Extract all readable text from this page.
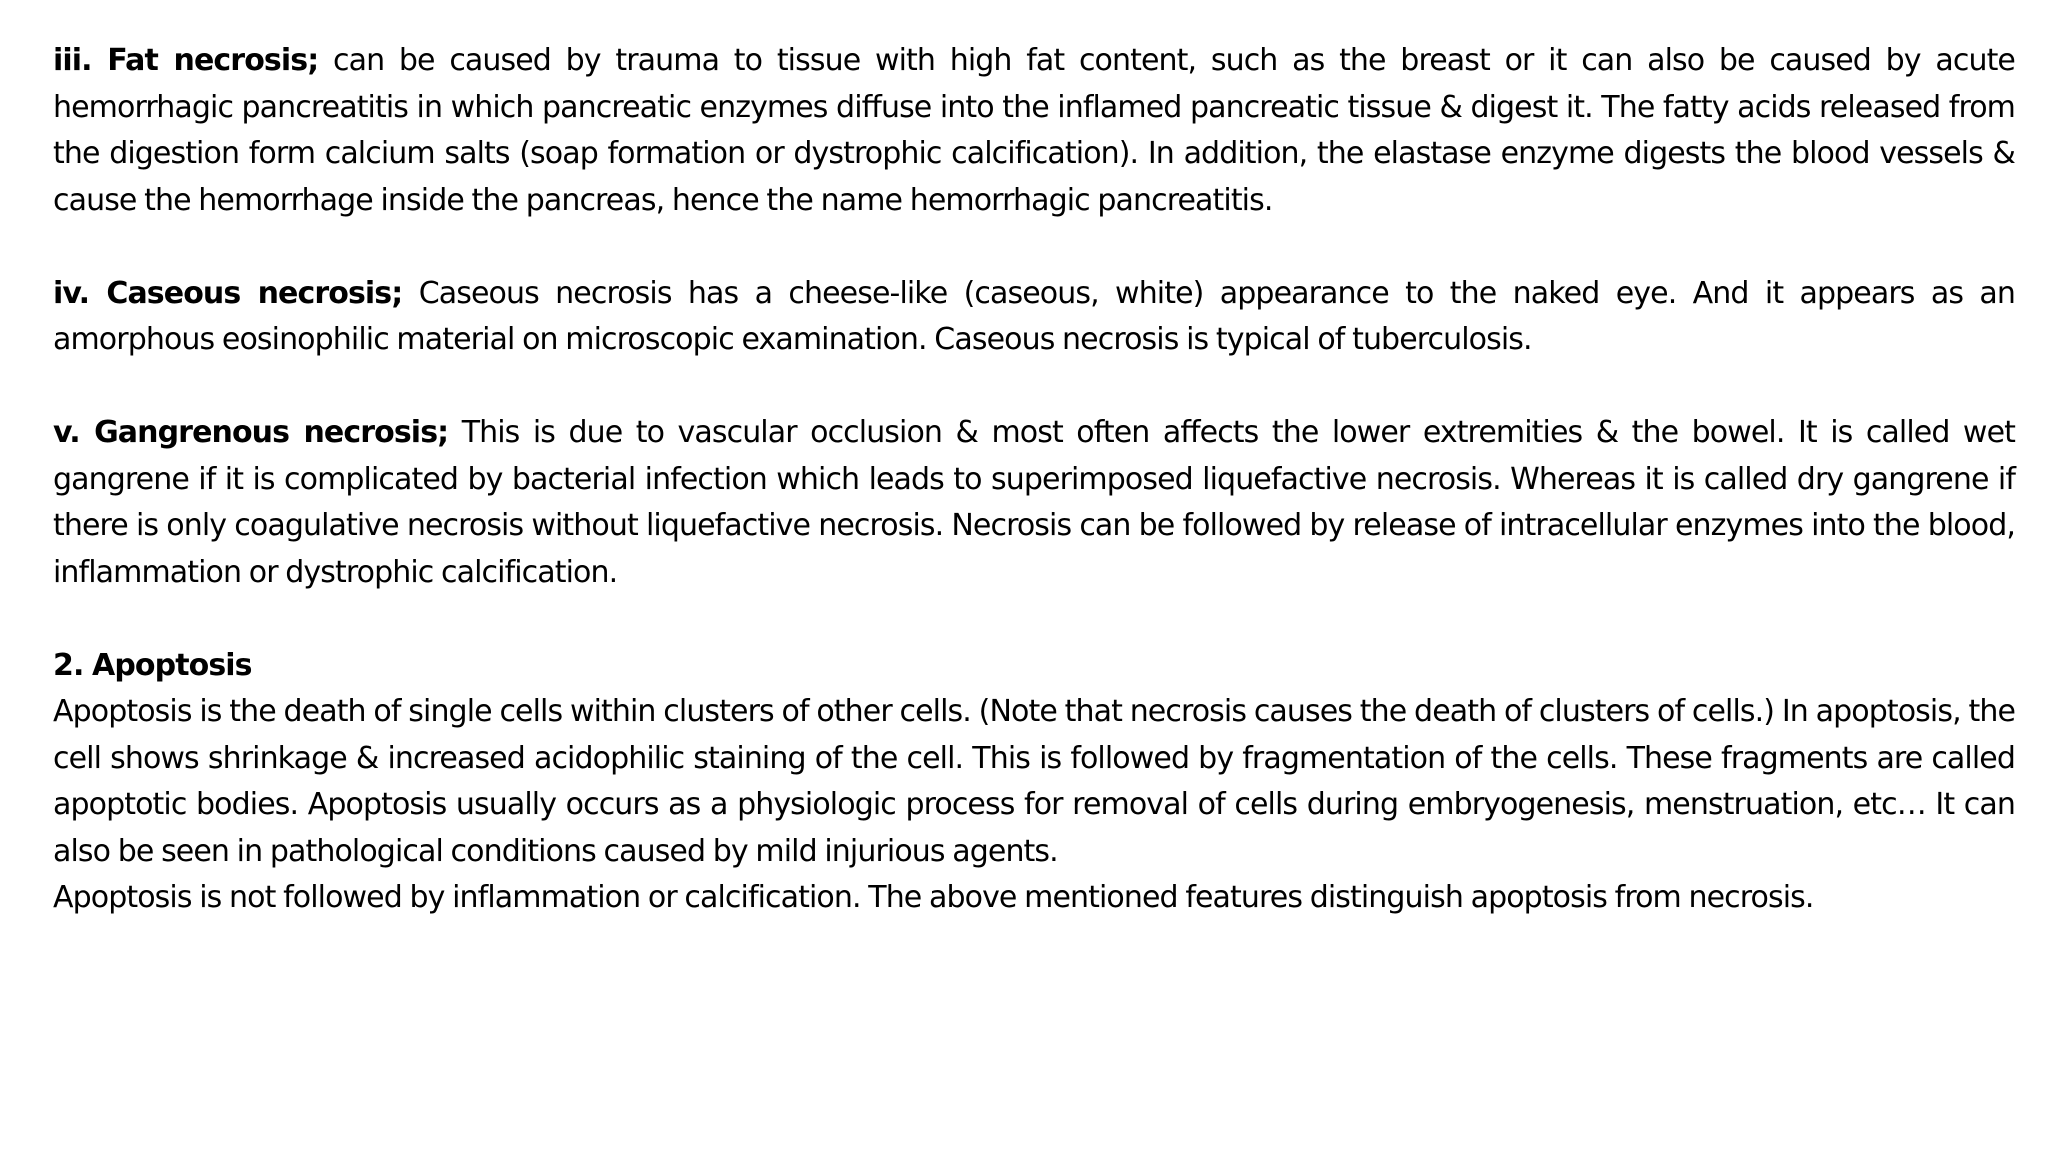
iii. Fat necrosis; can be caused by trauma to tissue with high fat content, such as the breast or it can also be caused by acute hemorrhagic pancreatitis in which pancreatic enzymes diffuse into the inflamed pancreatic tissue & digest it. The fatty acids released from the digestion form calcium salts (soap formation or dystrophic calcification). In addition, the elastase enzyme digests the blood vessels & cause the hemorrhage inside the pancreas, hence the name hemorrhagic pancreatitis.

iv. Caseous necrosis; Caseous necrosis has a cheese-like (caseous, white) appearance to the naked eye. And it appears as an amorphous eosinophilic material on microscopic examination. Caseous necrosis is typical of tuberculosis.

v. Gangrenous necrosis; This is due to vascular occlusion & most often affects the lower extremities & the bowel. It is called wet gangrene if it is complicated by bacterial infection which leads to superimposed liquefactive necrosis. Whereas it is called dry gangrene if there is only coagulative necrosis without liquefactive necrosis. Necrosis can be followed by release of intracellular enzymes into the blood, inflammation or dystrophic calcification.

2. Apoptosis

Apoptosis is the death of single cells within clusters of other cells. (Note that necrosis causes the death of clusters of cells.) In apoptosis, the cell shows shrinkage & increased acidophilic staining of the cell. This is followed by fragmentation of the cells. These fragments are called apoptotic bodies. Apoptosis usually occurs as a physiologic process for removal of cells during embryogenesis, menstruation, etc… It can also be seen in pathological conditions caused by mild injurious agents.

Apoptosis is not followed by inflammation or calcification. The above mentioned features distinguish apoptosis from necrosis.
